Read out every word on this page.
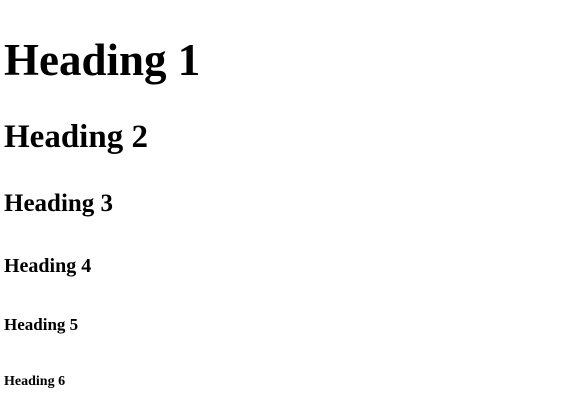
Heading 1
Heading 2
Heading 3
Heading 4
Heading 5
Heading 6
